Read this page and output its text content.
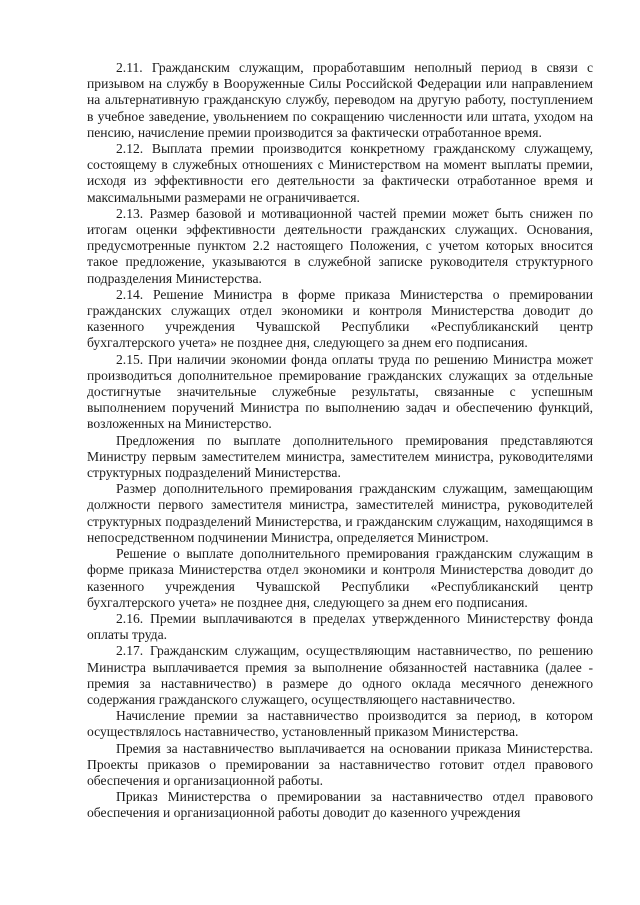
2.11. Гражданским служащим, проработавшим неполный период в связи с призывом на службу в Вооруженные Силы Российской Федерации или направлением на альтернативную гражданскую службу, переводом на другую работу, поступлением в учебное заведение, увольнением по сокращению численности или штата, уходом на пенсию, начисление премии производится за фактически отработанное время.

2.12. Выплата премии производится конкретному гражданскому служащему, состоящему в служебных отношениях с Министерством на момент выплаты премии, исходя из эффективности его деятельности за фактически отработанное время и максимальными размерами не ограничивается.

2.13. Размер базовой и мотивационной частей премии может быть снижен по итогам оценки эффективности деятельности гражданских служащих. Основания, предусмотренные пунктом 2.2 настоящего Положения, с учетом которых вносится такое предложение, указываются в служебной записке руководителя структурного подразделения Министерства.

2.14. Решение Министра в форме приказа Министерства о премировании гражданских служащих отдел экономики и контроля Министерства доводит до казенного учреждения Чувашской Республики «Республиканский центр бухгалтерского учета» не позднее дня, следующего за днем его подписания.

2.15. При наличии экономии фонда оплаты труда по решению Министра может производиться дополнительное премирование гражданских служащих за отдельные достигнутые значительные служебные результаты, связанные с успешным выполнением поручений Министра по выполнению задач и обеспечению функций, возложенных на Министерство.

Предложения по выплате дополнительного премирования представляются Министру первым заместителем министра, заместителем министра, руководителями структурных подразделений Министерства.

Размер дополнительного премирования гражданским служащим, замещающим должности первого заместителя министра, заместителей министра, руководителей структурных подразделений Министерства, и гражданским служащим, находящимся в непосредственном подчинении Министра, определяется Министром.

Решение о выплате дополнительного премирования гражданским служащим в форме приказа Министерства отдел экономики и контроля Министерства доводит до казенного учреждения Чувашской Республики «Республиканский центр бухгалтерского учета» не позднее дня, следующего за днем его подписания.

2.16. Премии выплачиваются в пределах утвержденного Министерству фонда оплаты труда.

2.17. Гражданским служащим, осуществляющим наставничество, по решению Министра выплачивается премия за выполнение обязанностей наставника (далее - премия за наставничество) в размере до одного оклада месячного денежного содержания гражданского служащего, осуществляющего наставничество.

Начисление премии за наставничество производится за период, в котором осуществлялось наставничество, установленный приказом Министерства.

Премия за наставничество выплачивается на основании приказа Министерства. Проекты приказов о премировании за наставничество готовит отдел правового обеспечения и организационной работы.

Приказ Министерства о премировании за наставничество отдел правового обеспечения и организационной работы доводит до казенного учреждения
